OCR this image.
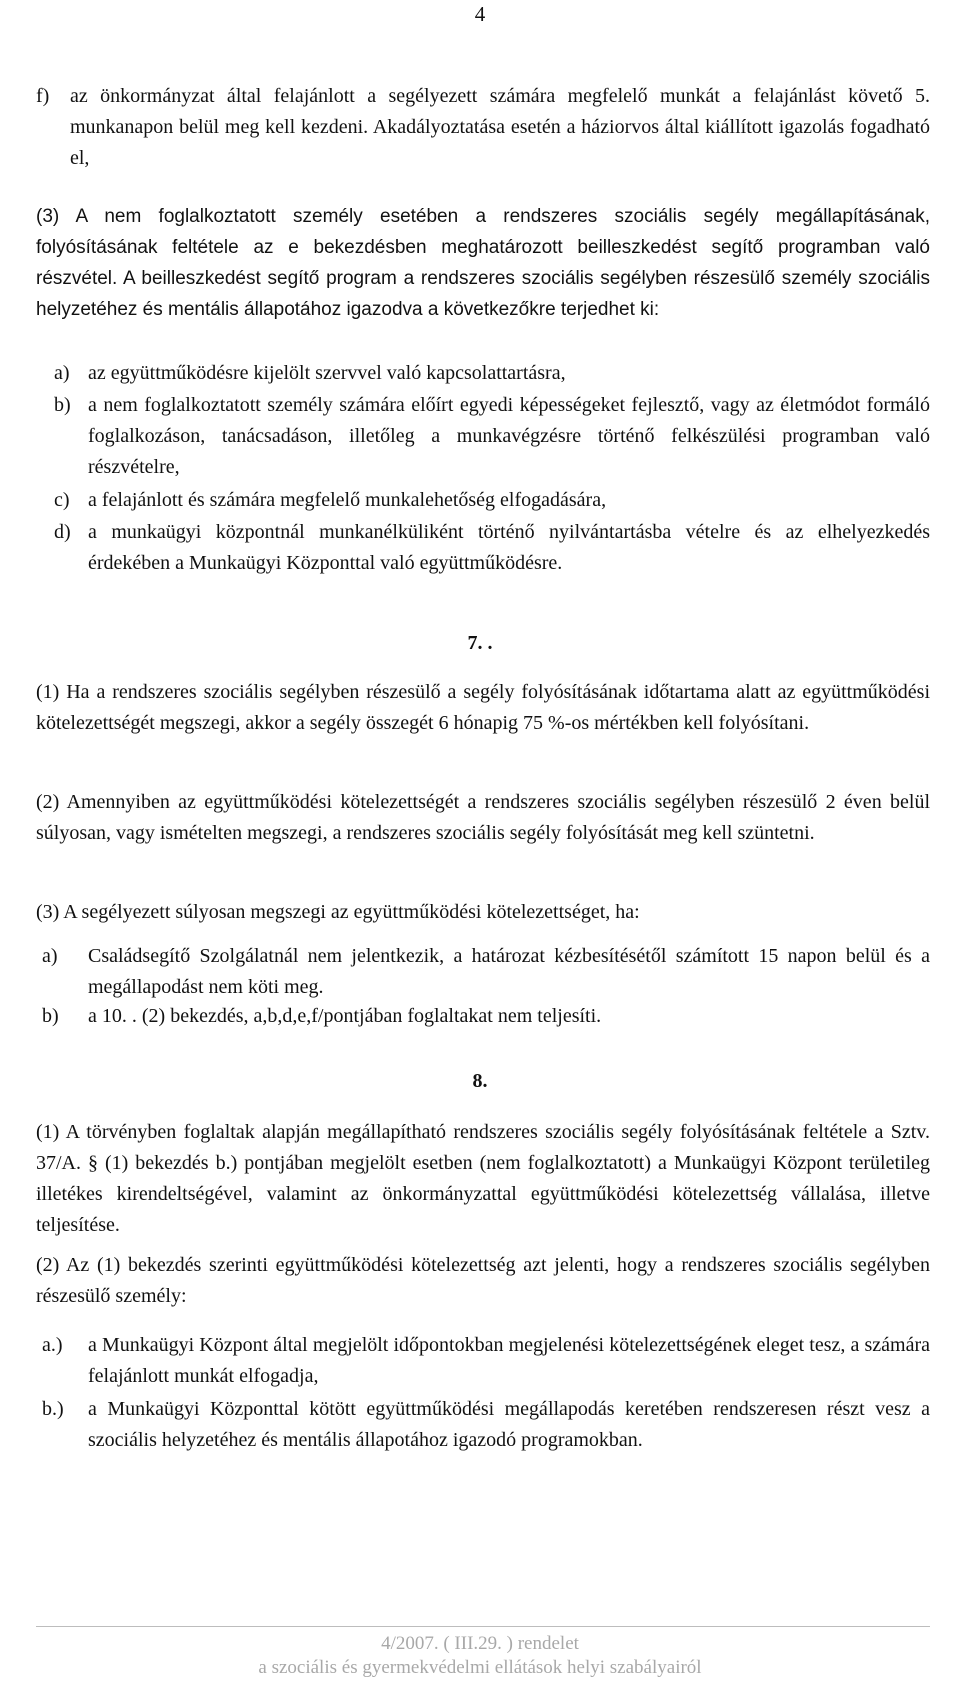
4
f) az önkormányzat által felajánlott a segélyezett számára megfelelő munkát a felajánlást követő 5. munkanapon belül meg kell kezdeni. Akadályoztatása esetén a háziorvos által kiállított igazolás fogadható el,
(3) A nem foglalkoztatott személy esetében a rendszeres szociális segély megállapításának, folyósításának feltétele az e bekezdésben meghatározott beilleszkedést segítő programban való részvétel. A beilleszkedést segítő program a rendszeres szociális segélyben részesülő személy szociális helyzetéhez és mentális állapotához igazodva a következőkre terjedhet ki:
a) az együttműködésre kijelölt szervvel való kapcsolattartásra,
b) a nem foglalkoztatott személy számára előírt egyedi képességeket fejlesztő, vagy az életmódot formáló foglalkozáson, tanácsadáson, illetőleg a munkavégzésre történő felkészülési programban való részvételre,
c) a felajánlott és számára megfelelő munkalehetőség elfogadására,
d) a munkaügyi központnál munkanélküliként történő nyilvántartásba vételre és az elhelyezkedés érdekében a Munkaügyi Központtal való együttműködésre.
7. .
(1) Ha a rendszeres szociális segélyben részesülő a segély folyósításának időtartama alatt az együttműködési kötelezettségét megszegi, akkor a segély összegét 6 hónapig 75 %-os mértékben kell folyósítani.
(2) Amennyiben az együttműködési kötelezettségét a rendszeres szociális segélyben részesülő 2 éven belül súlyosan, vagy ismételten megszegi, a rendszeres szociális segély folyósítását meg kell szüntetni.
(3) A segélyezett súlyosan megszegi az együttműködési kötelezettséget, ha:
a) Családsegítő Szolgálatnál nem jelentkezik, a határozat kézbesítésétől számított 15 napon belül és a megállapodást nem köti meg.
b) a 10. . (2) bekezdés, a,b,d,e,f/pontjában foglaltakat nem teljesíti.
8.
(1) A törvényben foglaltak alapján megállapítható rendszeres szociális segély folyósításának feltétele a Sztv. 37/A. § (1) bekezdés b.) pontjában megjelölt esetben (nem foglalkoztatott) a Munkaügyi Központ területileg illetékes kirendeltségével, valamint az önkormányzattal együttműködési kötelezettség vállalása, illetve teljesítése.
(2) Az (1) bekezdés szerinti együttműködési kötelezettség azt jelenti, hogy a rendszeres szociális segélyben részesülő személy:
a.) a Munkaügyi Központ által megjelölt időpontokban megjelenési kötelezettségének eleget tesz, a számára felajánlott munkát elfogadja,
b.) a Munkaügyi Központtal kötött együttműködési megállapodás keretében rendszeresen részt vesz a szociális helyzetéhez és mentális állapotához igazodó programokban.
4/2007. ( III.29. ) rendelet
a szociális és gyermekvédelmi ellátások helyi szabályairól
